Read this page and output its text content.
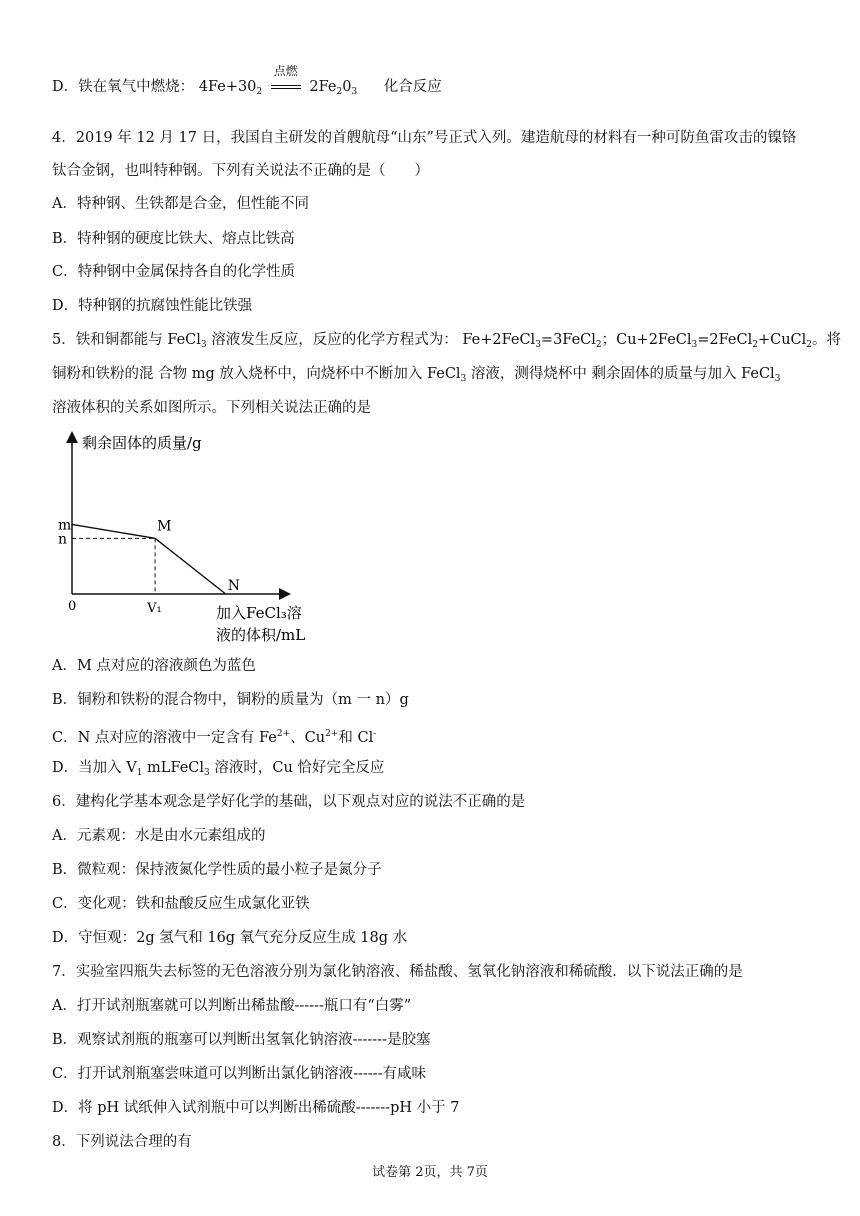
D．铁在氧气中燃烧： $4Fe+30_2$
点燃
$2Fe_20_3$ 化合反应
4．2019 年 12 月 17 日，我国自主研发的首艘航母“山东”号正式入列。建造航母的材料有一种可防鱼雷攻击的镍铬
钛合金钢，也叫特种钢。下列有关说法不正确的是（　　）
A．特种钢、生铁都是合金，但性能不同
B．特种钢的硬度比铁大、熔点比铁高
C．特种钢中金属保持各自的化学性质
D．特种钢的抗腐蚀性能比铁强
5．铁和铜都能与 FeCl$_3$ 溶液发生反应，反应的化学方程式为： Fe+2FeCl$_3$=3FeCl$_2$；Cu+2FeCl$_3$=2FeCl$_2$+CuCl$_2$。将
铜粉和铁粉的混 合物 mg 放入烧杯中，向烧杯中不断加入 FeCl$_3$ 溶液，测得烧杯中 剩余固体的质量与加入 FeCl$_3$
溶液体积的关系如图所示。下列相关说法正确的是
剩余固体的质量/g
0	加入FeCl₃溶
液的体积/mL
m
n
V₁
M
N
A．M 点对应的溶液颜色为蓝色
B．铜粉和铁粉的混合物中，铜粉的质量为（m 一 n）g
C．N 点对应的溶液中一定含有 $Fe^{2+}$、$Cu^{2+}$和 Cl-
D．当加入 $V_1$ mLFeCl$_3$ 溶液时，Cu 恰好完全反应
6．建构化学基本观念是学好化学的基础，以下观点对应的说法不正确的是
A．元素观：水是由水元素组成的
B．微粒观：保持液氮化学性质的最小粒子是氮分子
C．变化观：铁和盐酸反应生成氯化亚铁
D．守恒观：2g 氢气和 16g 氧气充分反应生成 18g 水
7．实验室四瓶失去标签的无色溶液分别为氯化钠溶液、稀盐酸、氢氧化钠溶液和稀硫酸．以下说法正确的是
A．打开试剂瓶塞就可以判断出稀盐酸------瓶口有“白雾”
B．观察试剂瓶的瓶塞可以判断出氢氧化钠溶液-------是胶塞
C．打开试剂瓶塞尝味道可以判断出氯化钠溶液------有咸味
D．将 pH 试纸伸入试剂瓶中可以判断出稀硫酸-------pH 小于 7
8．下列说法合理的有
试卷第 2页，共 7页
